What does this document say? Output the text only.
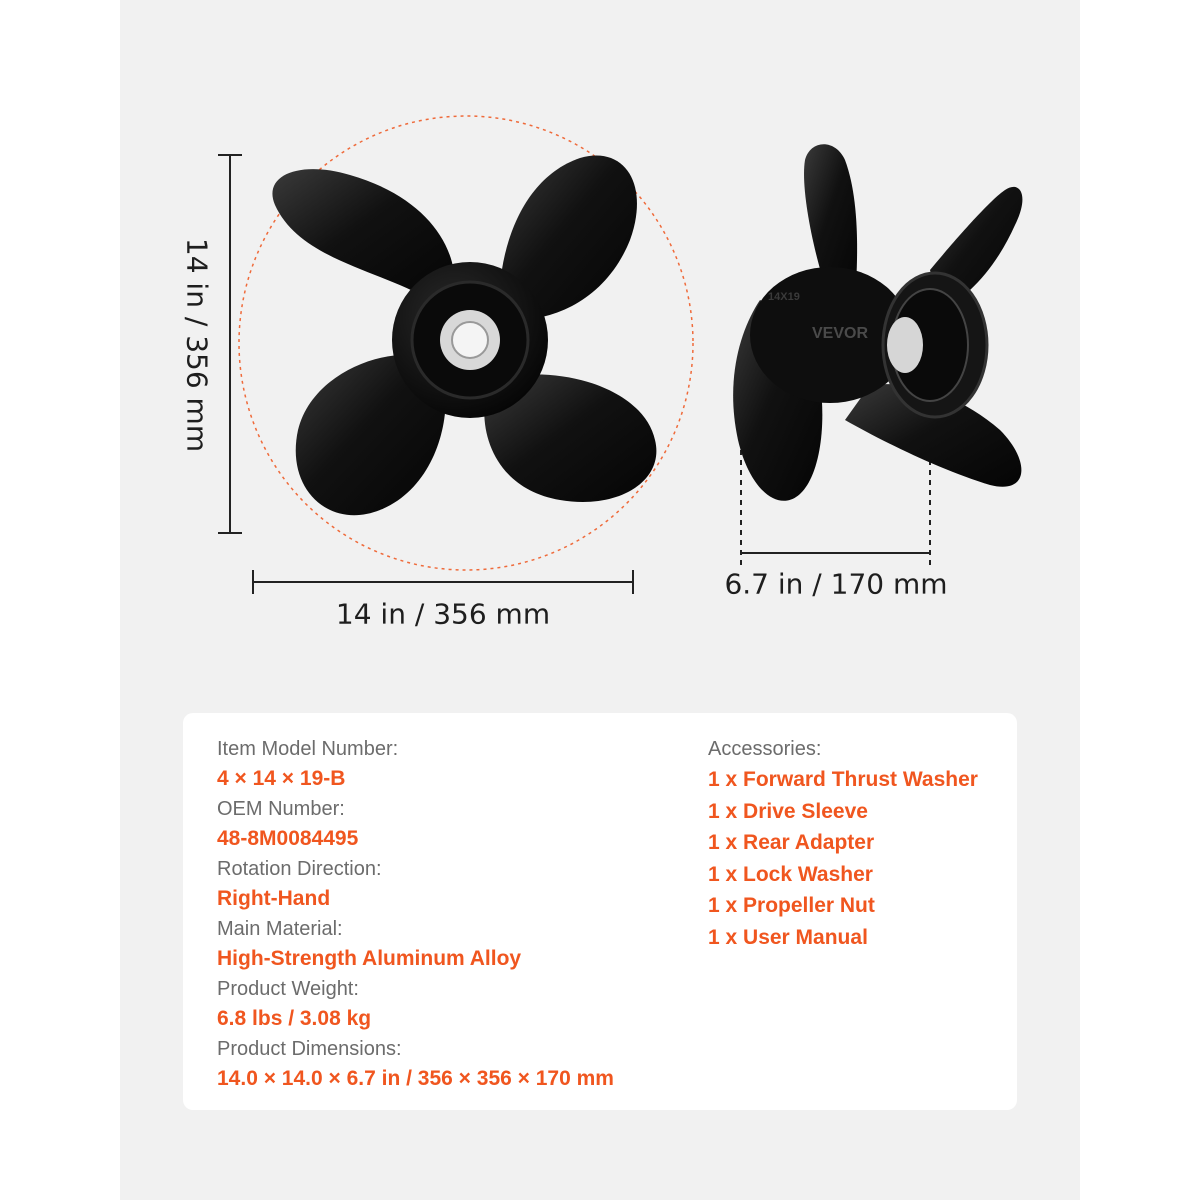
VEVOR
14X19
14 in / 356 mm
14 in / 356 mm
6.7 in / 170 mm
Item Model Number:
4 × 14 × 19-B
OEM Number:
48-8M0084495
Rotation Direction:
Right-Hand
Main Material:
High-Strength Aluminum Alloy
Product Weight:
6.8 lbs / 3.08 kg
Product Dimensions:
14.0 × 14.0 × 6.7 in / 356 × 356 × 170 mm
Accessories:
1 x Forward Thrust Washer
1 x Drive Sleeve
1 x Rear Adapter
1 x Lock Washer
1 x Propeller Nut
1 x User Manual
